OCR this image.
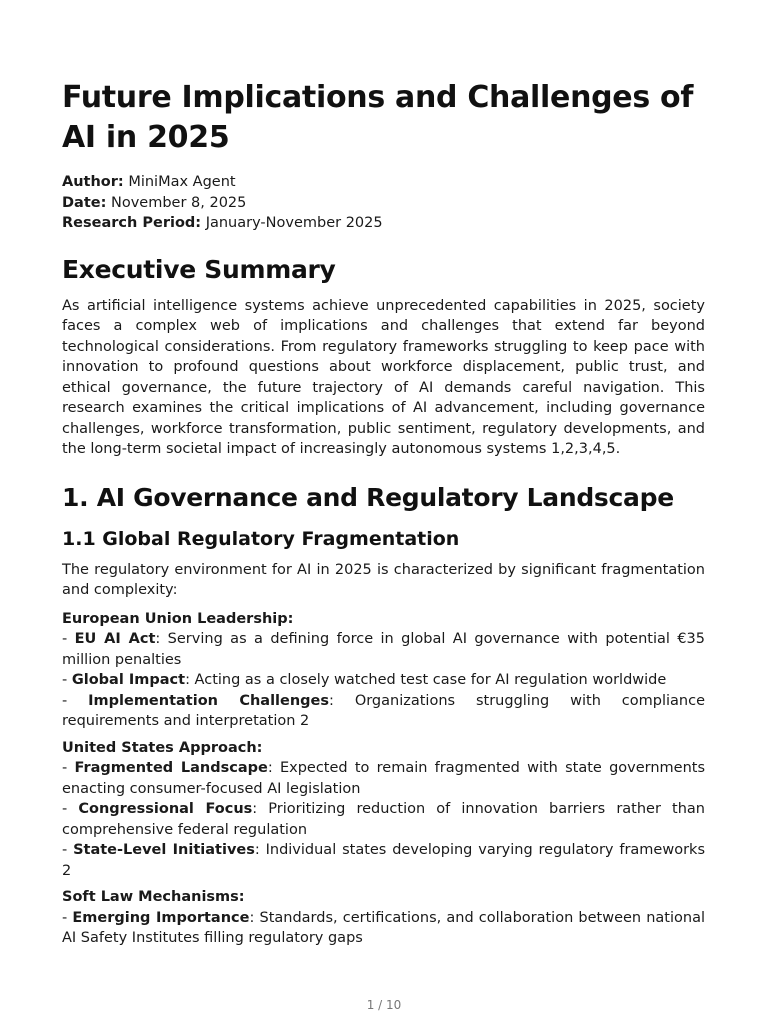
Future Implications and Challenges of AI in 2025
Author: MiniMax Agent
Date: November 8, 2025
Research Period: January-November 2025
Executive Summary

As artificial intelligence systems achieve unprecedented capabilities in 2025, society faces a complex web of implications and challenges that extend far beyond technological considerations. From regulatory frameworks struggling to keep pace with innovation to profound questions about workforce displacement, public trust, and ethical governance, the future trajectory of AI demands careful navigation. This research examines the critical implications of AI advancement, including governance challenges, workforce transformation, public sentiment, regulatory developments, and the long-term societal impact of increasingly autonomous systems 1,2,3,4,5.

1. AI Governance and Regulatory Landscape
1.1 Global Regulatory Fragmentation

The regulatory environment for AI in 2025 is characterized by significant fragmentation and complexity:

European Union Leadership:
- EU AI Act: Serving as a defining force in global AI governance with potential €35 million penalties
- Global Impact: Acting as a closely watched test case for AI regulation worldwide
- Implementation Challenges: Organizations struggling with compliance requirements and interpretation 2
United States Approach:
- Fragmented Landscape: Expected to remain fragmented with state governments enacting consumer-focused AI legislation
- Congressional Focus: Prioritizing reduction of innovation barriers rather than comprehensive federal regulation
- State-Level Initiatives: Individual states developing varying regulatory frameworks 2
Soft Law Mechanisms:
- Emerging Importance: Standards, certifications, and collaboration between national AI Safety Institutes filling regulatory gaps
1 / 10
